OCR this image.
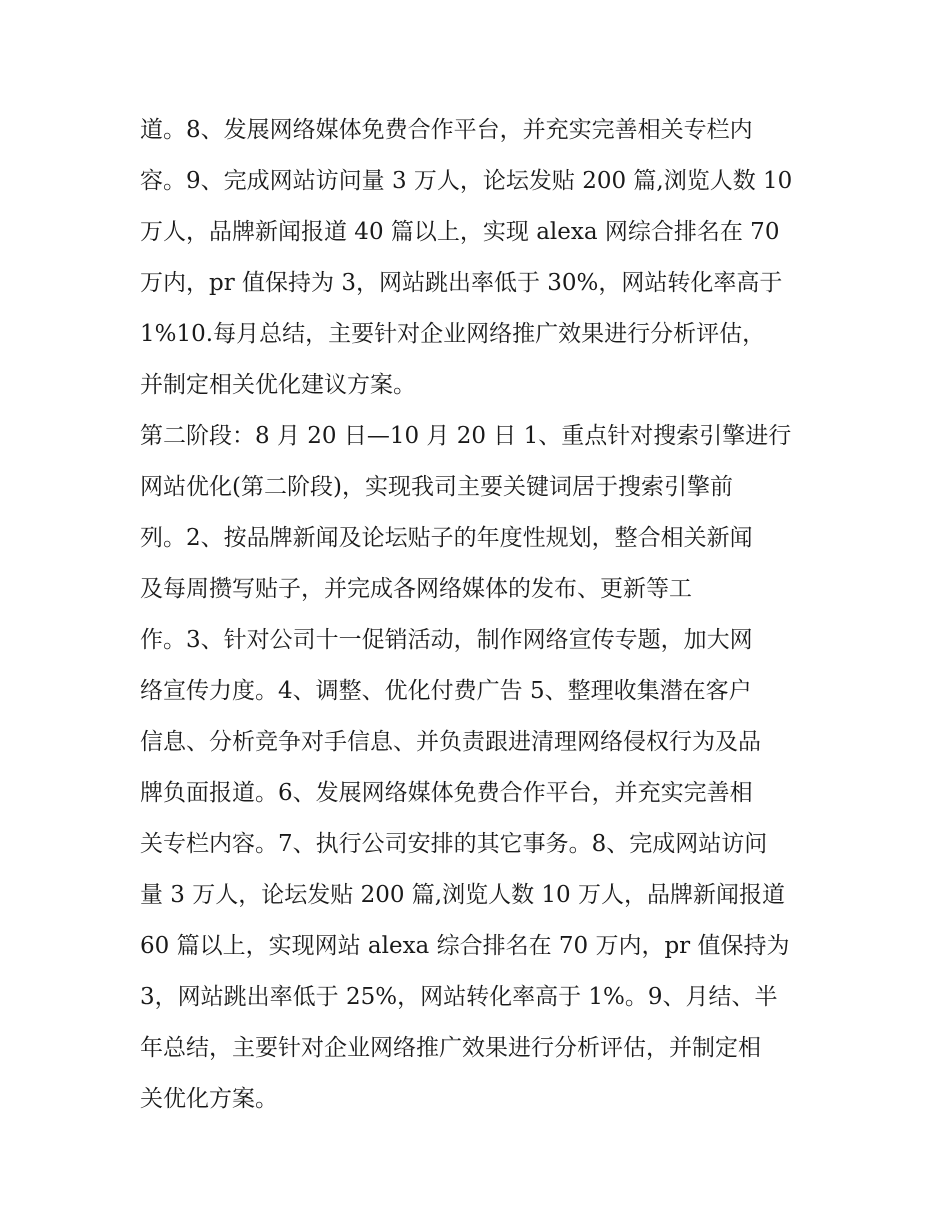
道。8、发展网络媒体免费合作平台，并充实完善相关专栏内
容。9、完成网站访问量 3 万人，论坛发贴 200 篇,浏览人数 10
万人，品牌新闻报道 40 篇以上，实现 alexa 网综合排名在 70
万内，pr 值保持为 3，网站跳出率低于 30%，网站转化率高于
1%10.每月总结，主要针对企业网络推广效果进行分析评估，
并制定相关优化建议方案。
第二阶段：8 月 20 日—10 月 20 日 1、重点针对搜索引擎进行
网站优化(第二阶段)，实现我司主要关键词居于搜索引擎前
列。2、按品牌新闻及论坛贴子的年度性规划，整合相关新闻
及每周攒写贴子，并完成各网络媒体的发布、更新等工
作。3、针对公司十一促销活动，制作网络宣传专题，加大网
络宣传力度。4、调整、优化付费广告 5、整理收集潜在客户
信息、分析竞争对手信息、并负责跟进清理网络侵权行为及品
牌负面报道。6、发展网络媒体免费合作平台，并充实完善相
关专栏内容。7、执行公司安排的其它事务。8、完成网站访问
量 3 万人，论坛发贴 200 篇,浏览人数 10 万人，品牌新闻报道
60 篇以上，实现网站 alexa 综合排名在 70 万内，pr 值保持为
3，网站跳出率低于 25%，网站转化率高于 1%。9、月结、半
年总结，主要针对企业网络推广效果进行分析评估，并制定相
关优化方案。
